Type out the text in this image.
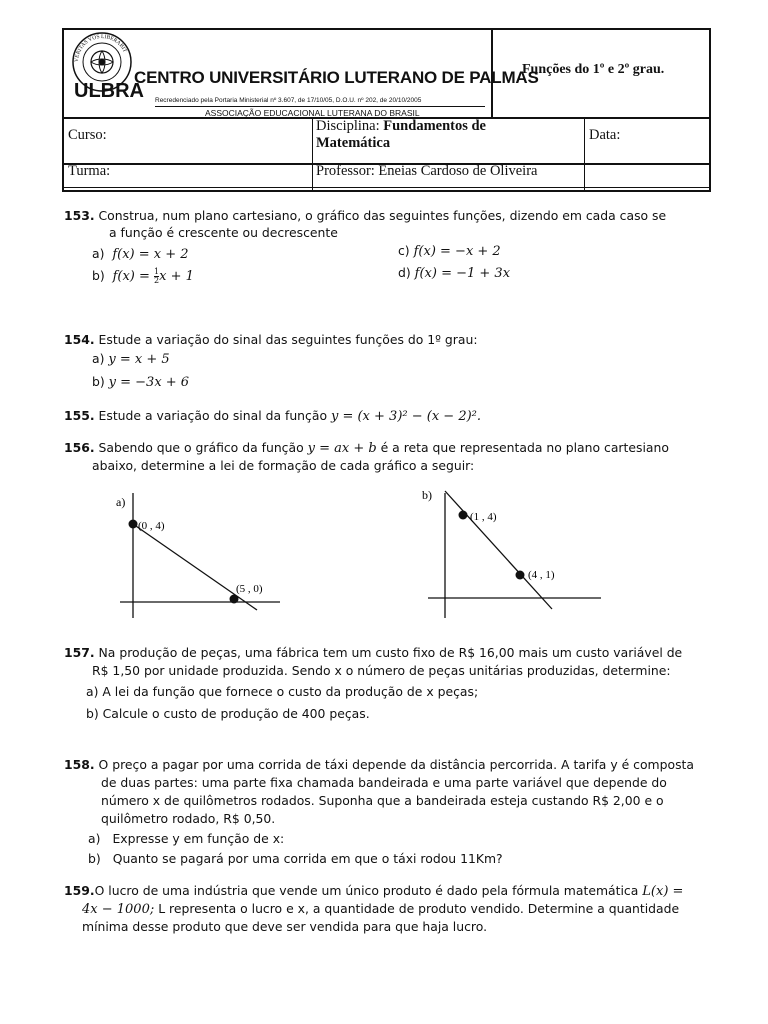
VERITAS VOS LIBERABIT
ULBRA
CENTRO UNIVERSITÁRIO LUTERANO DE PALMAS
Recredenciado pela Portaria Ministerial nº 3.607, de 17/10/05, D.O.U. nº 202, de 20/10/2005
ASSOCIAÇÃO EDUCACIONAL LUTERANA DO BRASIL
Funções do 1º e 2º grau.
Curso:
Disciplina: Fundamentos de
Matemática	Data:
Turma:	Professor: Eneias Cardoso de Oliveira
153. Construa, num plano cartesiano, o gráfico das seguintes funções, dizendo em cada caso se
a função é crescente ou decrescente
a) f(x) = x + 2
b) $f(x) = \frac{1}{2}$ x + 1
c) f(x) = −x + 2
d) f(x) = −1 + 3x
154. Estude a variação do sinal das seguintes funções do 1º grau:
a) y = x + 5
b) y = −3x + 6
155. Estude a variação do sinal da função y = (x + 3)² − (x − 2)².
156. Sabendo que o gráfico da função y = ax + b é a reta que representada no plano cartesiano
abaixo, determine a lei de formação de cada gráfico a seguir:
a)
(0 , 4)
(5 , 0)
b)
(1 , 4)
(4 , 1)
157. Na produção de peças, uma fábrica tem um custo fixo de R$ 16,00 mais um custo variável de
R$ 1,50 por unidade produzida. Sendo x o número de peças unitárias produzidas, determine:
a) A lei da função que fornece o custo da produção de x peças;
b) Calcule o custo de produção de 400 peças.
158. O preço a pagar por uma corrida de táxi depende da distância percorrida. A tarifa y é composta
de duas partes: uma parte fixa chamada bandeirada e uma parte variável que depende do
número x de quilômetros rodados. Suponha que a bandeirada esteja custando R$ 2,00 e o
quilômetro rodado, R$ 0,50.
a) Expresse y em função de x:
b) Quanto se pagará por uma corrida em que o táxi rodou 11Km?
159.O lucro de uma indústria que vende um único produto é dado pela fórmula matemática L(x) =
4x − 1000; L representa o lucro e x, a quantidade de produto vendido. Determine a quantidade
mínima desse produto que deve ser vendida para que haja lucro.
